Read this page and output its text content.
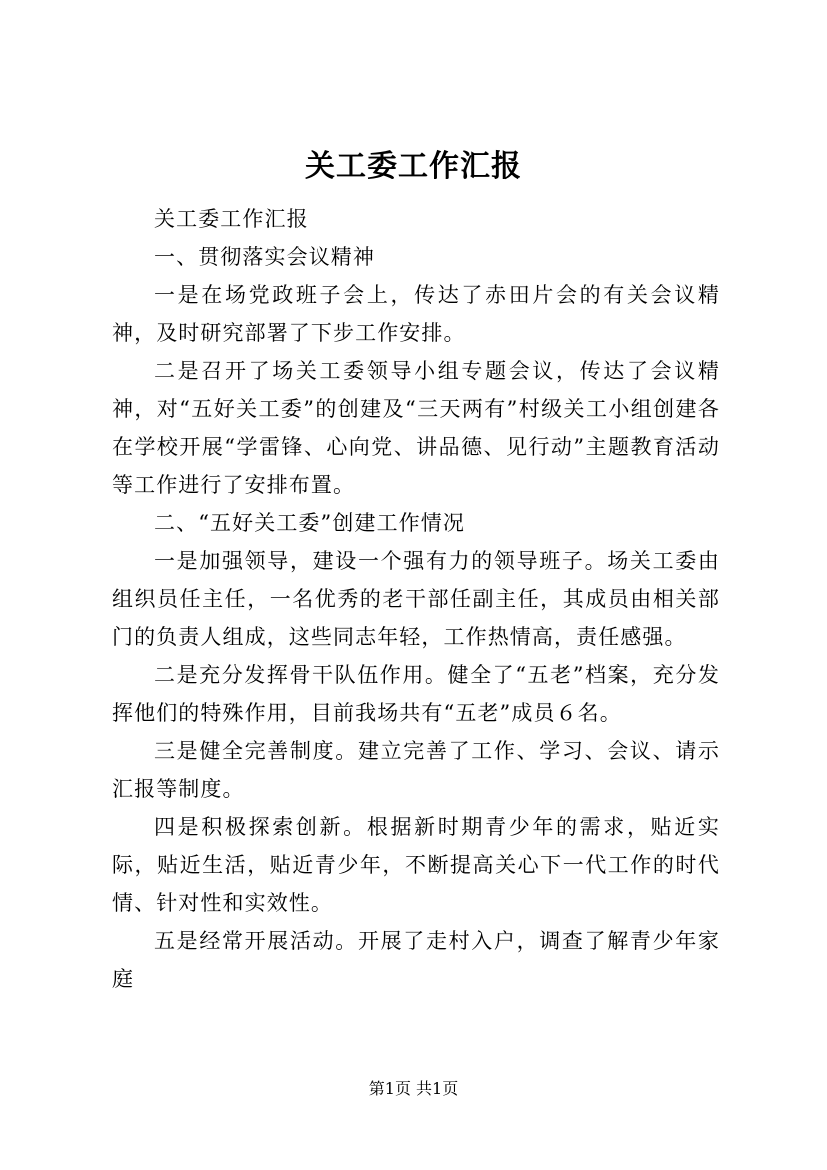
关工委工作汇报

关工委工作汇报

一、贯彻落实会议精神

一是在场党政班子会上，传达了赤田片会的有关会议精神，及时研究部署了下步工作安排。

二是召开了场关工委领导小组专题会议，传达了会议精神，对“五好关工委”的创建及“三天两有”村级关工小组创建各在学校开展“学雷锋、心向党、讲品德、见行动”主题教育活动等工作进行了安排布置。

二、“五好关工委”创建工作情况

一是加强领导，建设一个强有力的领导班子。场关工委由组织员任主任，一名优秀的老干部任副主任，其成员由相关部门的负责人组成，这些同志年轻，工作热情高，责任感强。

二是充分发挥骨干队伍作用。健全了“五老”档案，充分发挥他们的特殊作用，目前我场共有“五老”成员６名。

三是健全完善制度。建立完善了工作、学习、会议、请示汇报等制度。

四是积极探索创新。根据新时期青少年的需求，贴近实际，贴近生活，贴近青少年，不断提高关心下一代工作的时代情、针对性和实效性。

五是经常开展活动。开展了走村入户，调查了解青少年家庭

第1页 共1页
